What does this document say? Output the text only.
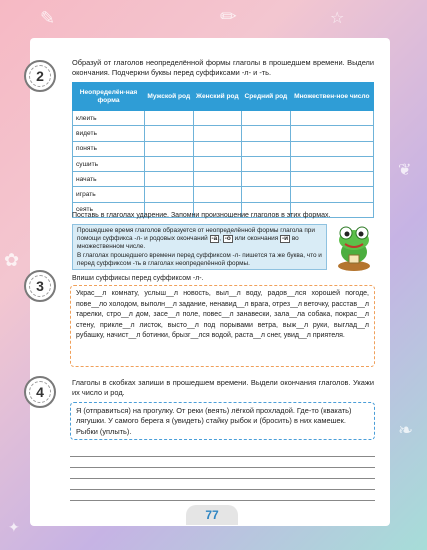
✎	✏	☆
✿
❦
❧
✦
2
Образуй от глаголов неопределённой формы глаголы в прошедшем времени. Выдели окончания. Подчеркни буквы перед суффиксами -л- и -ть.
Неопределён-ная форма	Мужской род	Женский род	Средний род	Множествен-ное число
клеить				
видеть				
понять				
сушить				
начать				
играть				
сеять				
Поставь в глаголах ударение. Запомни произношение глаголов в этих формах.
Прошедшее время глаголов образуется от неопределённой формы глагола при помощи суффикса -л- и родовых окончаний -а , -о или окончания -и во множественном числе.
В глаголах прошедшего времени перед суффиксом -л- пишется та же буква, что и перед суффиксом -ть в глаголах неопределённой формы.
3	Впиши суффиксы перед суффиксом -л-.
Украс__л комнату, услыш__л новость, выл__л воду, радов__лся хорошей погоде, пове__ло холодом, выполн__л задание, ненавид__л врага, отрез__л веточку, расстав__л тарелки, стро__л дом, засе__л поле, повес__л занавески, зала__ла собака, покрас__л стену, прикле__л листок, высто__л под порывами ветра, выж__л руки, выглад__л рубашку, начист__л ботинки, брызг__лся водой, раста__л снег, увид__л приятеля.
4
Глаголы в скобках запиши в прошедшем времени. Выдели окончания глаголов. Укажи их число и род.
Я (отправиться) на прогулку. От реки (веять) лёгкой прохладой. Где-то (квакать) лягушки. У самого берега я (увидеть) стайку рыбок и (бросить) в них камешек. Рыбки (уплыть).
77
